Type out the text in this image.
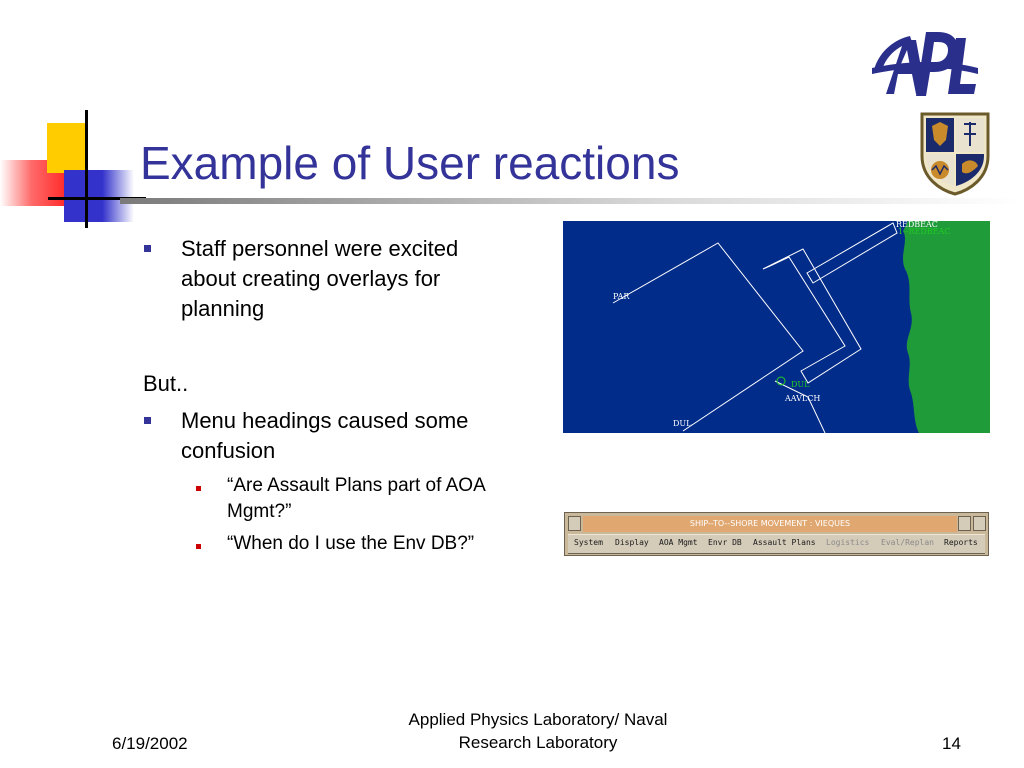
Example of User reactions
Staff personnel were excited
about creating overlays for
planning
But..
Menu headings caused some
confusion
“Are Assault Plans part of AOA
Mgmt?”
“When do I use the Env DB?”
REDBEAC
1--REDBEAC
PAR
DUL
AAVLCH
DUL
SHIP--TO--SHORE MOVEMENT : VIEQUES
System Display AOA Mgmt Envr DB Assault Plans Logistics Eval/Replan Reports
6/19/2002
Applied Physics Laboratory/ Naval
Research Laboratory	14
